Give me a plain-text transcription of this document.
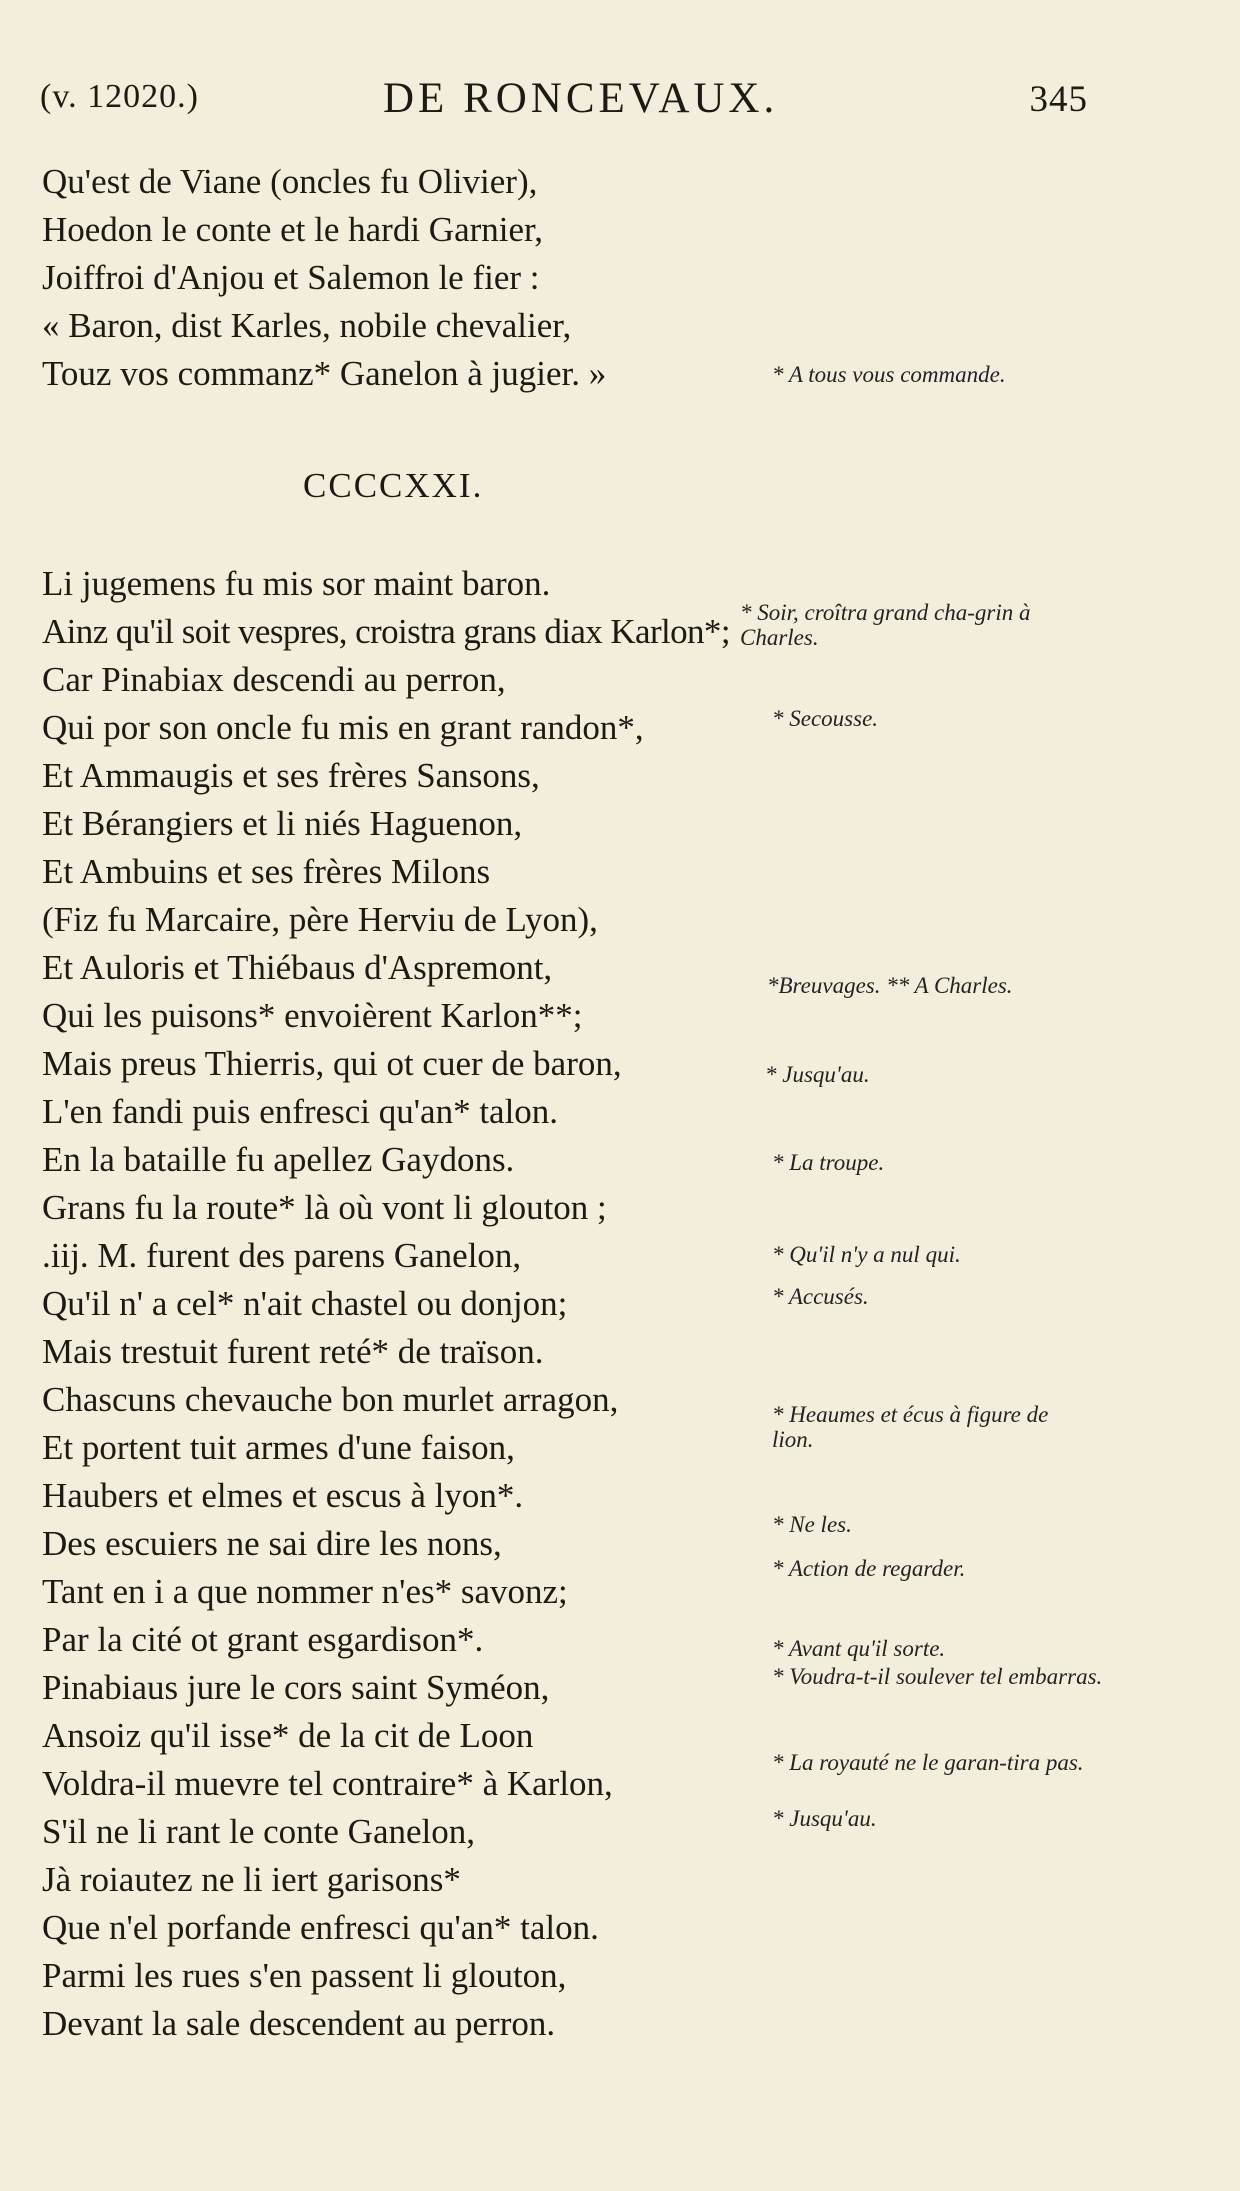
(v. 12020.)	DE RONCEVAUX.	345
Qu'est de Viane (oncles fu Olivier),
Hoedon le conte et le hardi Garnier,
Joiffroi d'Anjou et Salemon le fier :
« Baron, dist Karles, nobile chevalier,
Touz vos commanz* Ganelon à jugier. »	* A tous vous commande.
CCCCXXI.
Li jugemens fu mis sor maint baron.
Ainz qu'il soit vespres, croistra grans diax Karlon*;
Car Pinabiax descendi au perron,
Qui por son oncle fu mis en grant randon*,
Et Ammaugis et ses frères Sansons,
Et Bérangiers et li niés Haguenon,
Et Ambuins et ses frères Milons
(Fiz fu Marcaire, père Herviu de Lyon),
Et Auloris et Thiébaus d'Aspremont,
Qui les puisons* envoièrent Karlon**;
Mais preus Thierris, qui ot cuer de baron,
L'en fandi puis enfresci qu'an* talon.
En la bataille fu apellez Gaydons.
Grans fu la route* là où vont li glouton ;
.iij. M. furent des parens Ganelon,
Qu'il n' a cel* n'ait chastel ou donjon;
Mais trestuit furent reté* de traïson.
Chascuns chevauche bon murlet arragon,
Et portent tuit armes d'une faison,
Haubers et elmes et escus à lyon*.
Des escuiers ne sai dire les nons,
Tant en i a que nommer n'es* savonz;
Par la cité ot grant esgardison*.
Pinabiaus jure le cors saint Syméon,
Ansoiz qu'il isse* de la cit de Loon
Voldra-il muevre tel contraire* à Karlon,
S'il ne li rant le conte Ganelon,
Jà roiautez ne li iert garisons*
Que n'el porfande enfresci qu'an* talon.
Parmi les rues s'en passent li glouton,
Devant la sale descendent au perron.
* Soir, croîtra grand cha-grin à Charles.
* Secousse.
*Breuvages. ** A Charles.
* Jusqu'au.
* La troupe.
* Qu'il n'y a nul qui.
* Accusés.
* Heaumes et écus à figure de lion.
* Ne les.
* Action de regarder.
* Avant qu'il sorte.
* Voudra-t-il soulever tel embarras.
* La royauté ne le garan-tira pas.
* Jusqu'au.
